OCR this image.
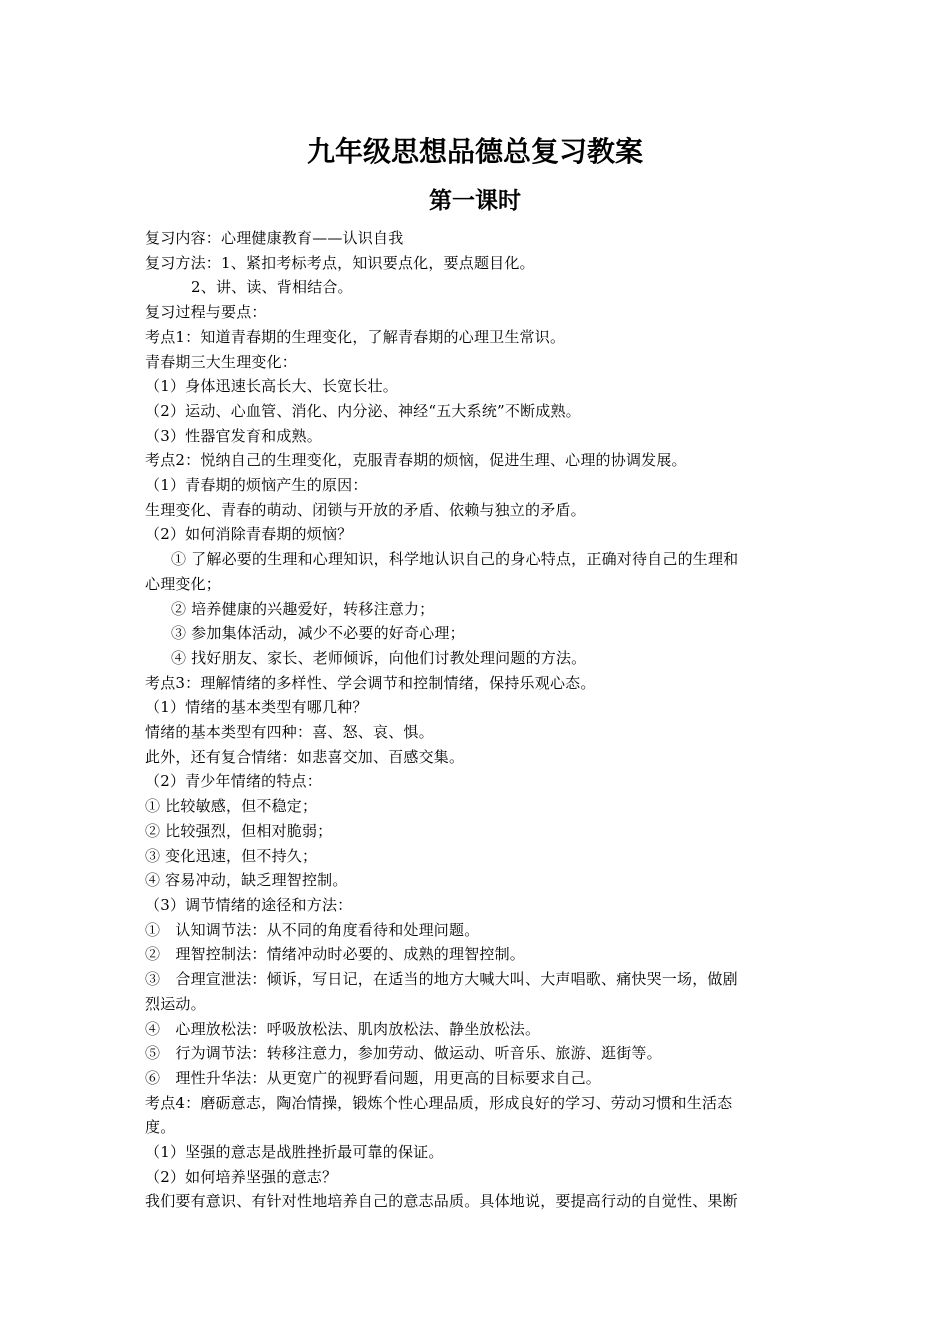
九年级思想品德总复习教案
第一课时
复习内容：心理健康教育——认识自我
复习方法：1、紧扣考标考点，知识要点化，要点题目化。
2、讲、读、背相结合。
复习过程与要点：
考点1：知道青春期的生理变化，了解青春期的心理卫生常识。
青春期三大生理变化：
（1）身体迅速长高长大、长宽长壮。
（2）运动、心血管、消化、内分泌、神经“五大系统”不断成熟。
（3）性器官发育和成熟。
考点2：悦纳自己的生理变化，克服青春期的烦恼，促进生理、心理的协调发展。
（1）青春期的烦恼产生的原因：
生理变化、青春的萌动、闭锁与开放的矛盾、依赖与独立的矛盾。
（2）如何消除青春期的烦恼？
① 了解必要的生理和心理知识，科学地认识自己的身心特点，正确对待自己的生理和
心理变化；
② 培养健康的兴趣爱好，转移注意力；
③ 参加集体活动，减少不必要的好奇心理；
④ 找好朋友、家长、老师倾诉，向他们讨教处理问题的方法。
考点3：理解情绪的多样性、学会调节和控制情绪，保持乐观心态。
（1）情绪的基本类型有哪几种？
情绪的基本类型有四种：喜、怒、哀、惧。
此外，还有复合情绪：如悲喜交加、百感交集。
（2）青少年情绪的特点：
① 比较敏感，但不稳定；
② 比较强烈，但相对脆弱；
③ 变化迅速，但不持久；
④ 容易冲动，缺乏理智控制。
（3）调节情绪的途径和方法：
①　认知调节法：从不同的角度看待和处理问题。
②　理智控制法：情绪冲动时必要的、成熟的理智控制。
③　合理宣泄法：倾诉，写日记，在适当的地方大喊大叫、大声唱歌、痛快哭一场，做剧
烈运动。
④　心理放松法：呼吸放松法、肌肉放松法、静坐放松法。
⑤　行为调节法：转移注意力，参加劳动、做运动、听音乐、旅游、逛街等。
⑥　理性升华法：从更宽广的视野看问题，用更高的目标要求自己。
考点4：磨砺意志，陶冶情操，锻炼个性心理品质，形成良好的学习、劳动习惯和生活态
度。
（1）坚强的意志是战胜挫折最可靠的保证。
（2）如何培养坚强的意志？
我们要有意识、有针对性地培养自己的意志品质。具体地说，要提高行动的自觉性、果断
